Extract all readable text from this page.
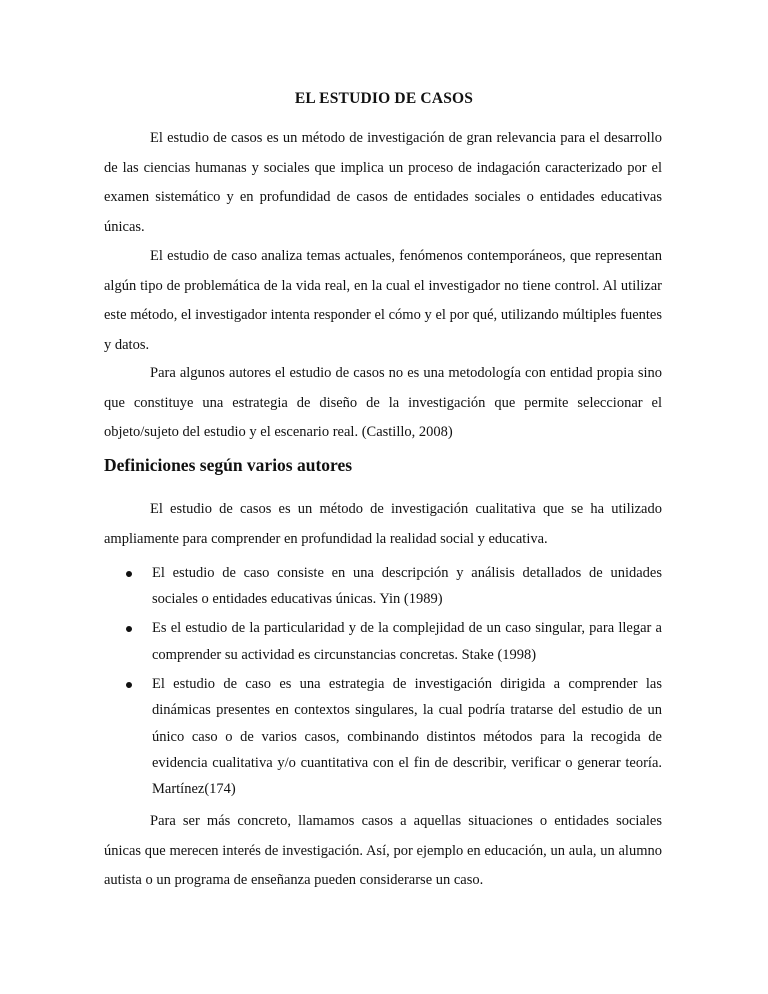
EL ESTUDIO DE CASOS

El estudio de casos es un método de investigación de gran relevancia para el desarrollo de las ciencias humanas y sociales que implica un proceso de indagación caracterizado por el examen sistemático y en profundidad de casos de entidades sociales o entidades educativas únicas.

El estudio de caso analiza temas actuales, fenómenos contemporáneos, que representan algún tipo de problemática de la vida real, en la cual el investigador no tiene control. Al utilizar este método, el investigador intenta responder el cómo y el por qué, utilizando múltiples fuentes y datos.

Para algunos autores el estudio de casos no es una metodología con entidad propia sino que constituye una estrategia de diseño de la investigación que permite seleccionar el objeto/sujeto del estudio y el escenario real. (Castillo, 2008)

Definiciones según varios autores

El estudio de casos es un método de investigación cualitativa que se ha utilizado ampliamente para comprender en profundidad la realidad social y educativa.

El estudio de caso consiste en una descripción y análisis detallados de unidades sociales o entidades educativas únicas. Yin (1989)
Es el estudio de la particularidad y de la complejidad de un caso singular, para llegar a comprender su actividad es circunstancias concretas. Stake (1998)
El estudio de caso es una estrategia de investigación dirigida a comprender las dinámicas presentes en contextos singulares, la cual podría tratarse del estudio de un único caso o de varios casos, combinando distintos métodos para la recogida de evidencia cualitativa y/o cuantitativa con el fin de describir, verificar o generar teoría. Martínez(174)

Para ser más concreto, llamamos casos a aquellas situaciones o entidades sociales únicas que merecen interés de investigación. Así, por ejemplo en educación, un aula, un alumno autista o un programa de enseñanza pueden considerarse un caso.
